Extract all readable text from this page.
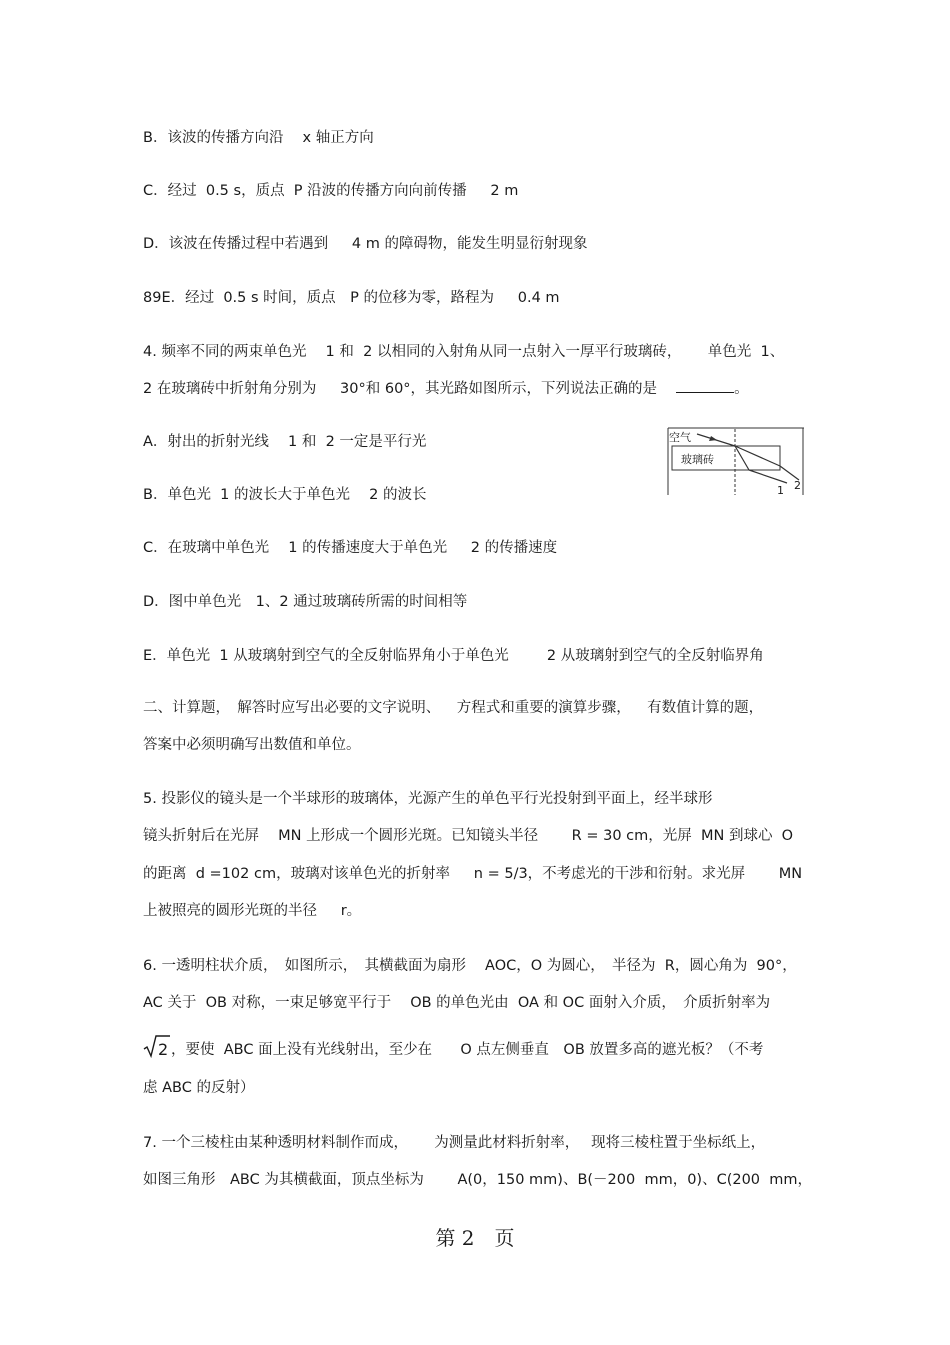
B．该波的传播方向沿　 x 轴正方向
C．经过  0.5 s，质点  P 沿波的传播方向向前传播　  2 m
D．该波在传播过程中若遇到　  4 m 的障碍物，能发生明显衍射现象
89E．经过  0.5 s 时间，质点　P 的位移为零，路程为　  0.4 m
4. 频率不同的两束单色光　 1 和  2 以相同的入射角从同一点射入一厚平行玻璃砖，　　 单色光  1、
2 在玻璃砖中折射角分别为　  30°和 60°，其光路如图所示，下列说法正确的是　	。
A．射出的折射光线　 1 和  2 一定是平行光
B．单色光  1 的波长大于单色光　 2 的波长
C．在玻璃中单色光　 1 的传播速度大于单色光　  2 的传播速度
D．图中单色光　1、2 通过玻璃砖所需的时间相等
E．单色光  1 从玻璃射到空气的全反射临界角小于单色光　　  2 从玻璃射到空气的全反射临界角
二、计算题，　解答时应写出必要的文字说明、　  方程式和重要的演算步骤，　  有数值计算的题，
答案中必须明确写出数值和单位。
5. 投影仪的镜头是一个半球形的玻璃体，光源产生的单色平行光投射到平面上，经半球形
镜头折射后在光屏　 MN 上形成一个圆形光斑。已知镜头半径　　 R = 30 cm，光屏  MN 到球心  O
的距离  d =102 cm，玻璃对该单色光的折射率　  n = 5/3，不考虑光的干涉和衍射。求光屏　　 MN
上被照亮的圆形光斑的半径　  r。
6. 一透明柱状介质，　如图所示，　其横截面为扇形　 AOC，O 为圆心，　半径为  R，圆心角为  90°，
AC 关于  OB 对称，一束足够宽平行于　 OB 的单色光由  OA 和 OC 面射入介质，　介质折射率为
2 ，要使  ABC 面上没有光线射出，至少在　   O 点左侧垂直　OB 放置多高的遮光板？（不考
虑 ABC 的反射）
7. 一个三棱柱由某种透明材料制作而成，　　 为测量此材料折射率，　 现将三棱柱置于坐标纸上，
如图三角形　ABC 为其横截面，顶点坐标为　　 A(0，150 mm)、B(－200  mm，0)、C(200  mm，
空气
玻璃砖
1 2
第 2　页
